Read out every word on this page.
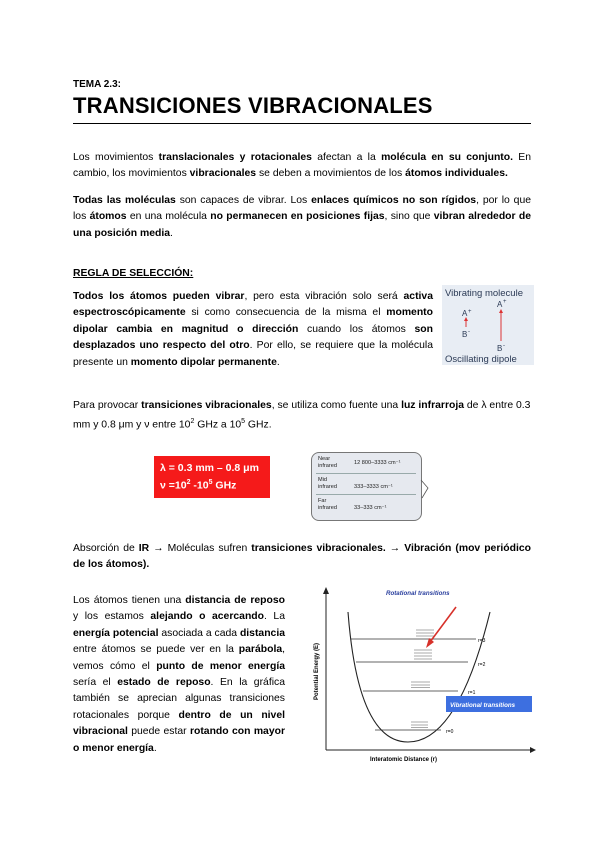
TEMA 2.3:
TRANSICIONES VIBRACIONALES
Los movimientos translacionales y rotacionales afectan a la molécula en su conjunto. En cambio, los movimientos vibracionales se deben a movimientos de los átomos individuales.
Todas las moléculas son capaces de vibrar. Los enlaces químicos no son rígidos, por lo que los átomos en una molécula no permanecen en posiciones fijas, sino que vibran alrededor de una posición media.
REGLA DE SELECCIÓN:
Todos los átomos pueden vibrar, pero esta vibración solo será activa espectroscópicamente si como consecuencia de la misma el momento dipolar cambia en magnitud o dirección cuando los átomos son desplazados uno respecto del otro. Por ello, se requiere que la molécula presente un momento dipolar permanente.
Vibrating molecule
A +
B -
A +
B -
Oscillating dipole
Para provocar transiciones vibracionales, se utiliza como fuente una luz infrarroja de λ entre 0.3 mm y 0.8 μm y ν entre $10^2$ GHz a $10^5$ GHz.
λ = 0.3 mm – 0.8 μm
$\nu =10^2$ $-10^5$ GHz
Near
infrared	12 800–3333 cm⁻¹
Mid
infrared	333–3333 cm⁻¹
Far
infrared	33–333 cm⁻¹
Absorción de IR → Moléculas sufren transiciones vibracionales. → Vibración (mov periódico de los átomos).
Los átomos tienen una distancia de reposo y los estamos alejando o acercando. La energía potencial asociada a cada distancia entre átomos se puede ver en la parábola, vemos cómo el punto de menor energía sería el estado de reposo. En la gráfica también se aprecian algunas transiciones rotacionales porque dentro de un nivel vibracional puede estar rotando con mayor o menor energía.
Potential Energy (E)
Interatomic Distance (r)
Rotational transitions
r=3
r=2
r=1
r=0
Vibrational transitions
